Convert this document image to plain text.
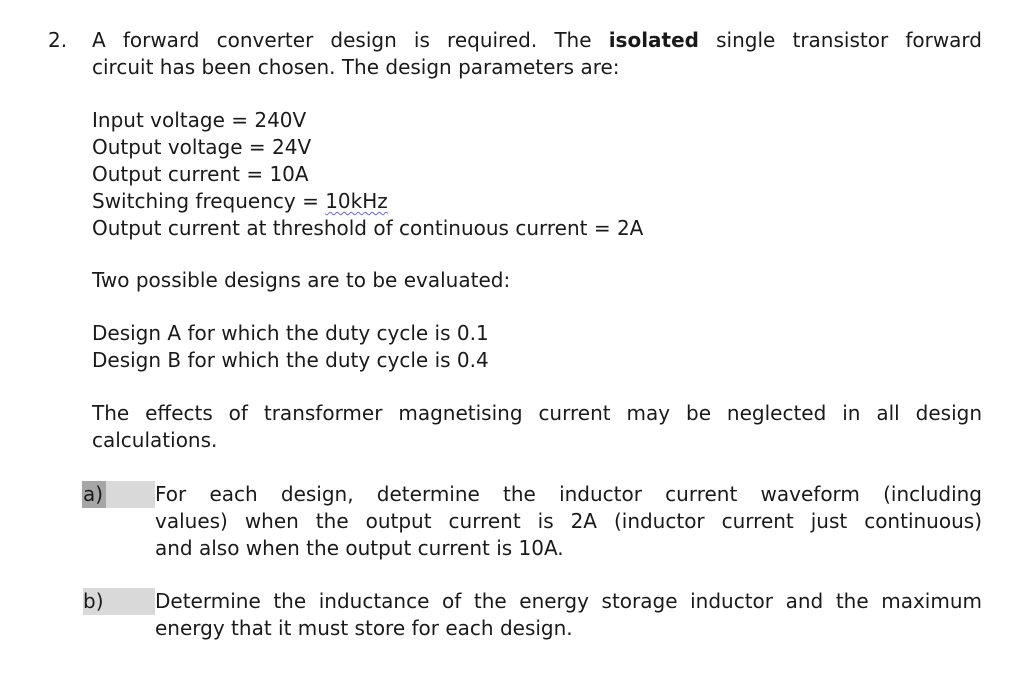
2. A forward converter design is required. The isolated single transistor forward
circuit has been chosen. The design parameters are:
Input voltage = 240V
Output voltage = 24V
Output current = 10A
Switching frequency = 10kHz
Output current at threshold of continuous current = 2A
Two possible designs are to be evaluated:
Design A for which the duty cycle is 0.1
Design B for which the duty cycle is 0.4
The effects of transformer magnetising current may be neglected in all design
calculations.
a)	For each design, determine the inductor current waveform (including
values) when the output current is 2A (inductor current just continuous)
and also when the output current is 10A.
b)	Determine the inductance of the energy storage inductor and the maximum
energy that it must store for each design.
